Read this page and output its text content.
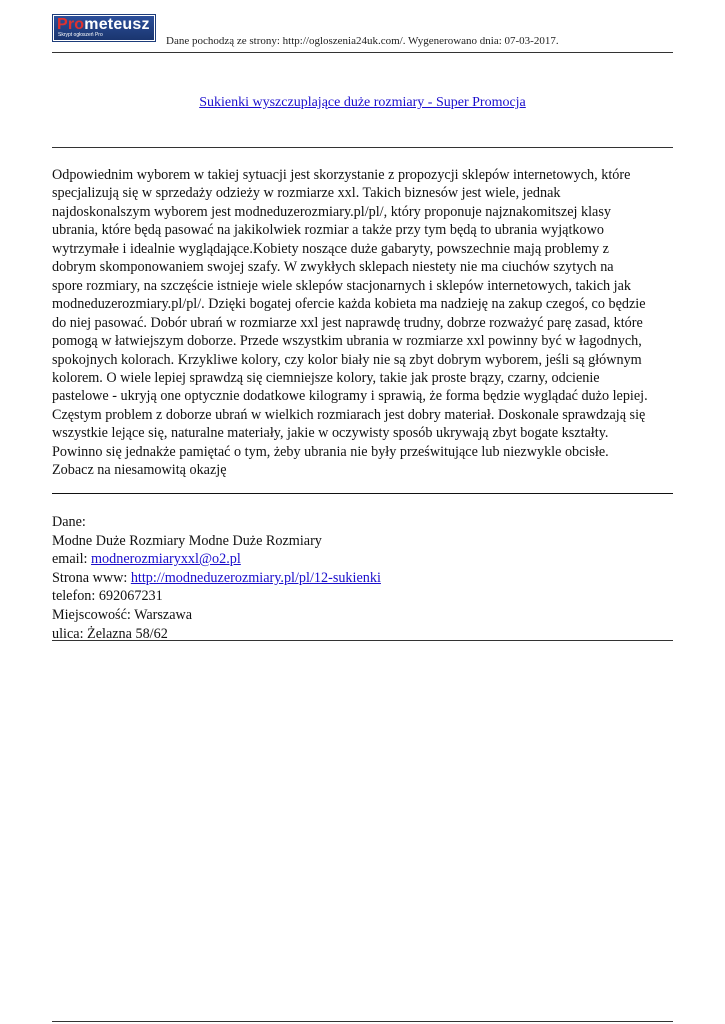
Prometeusz
Skrypt ogłoszeń Pro	Dane pochodzą ze strony: http://ogloszenia24uk.com/. Wygenerowano dnia: 07-03-2017.
Sukienki wyszczuplające duże rozmiary - Super Promocja
Odpowiednim wyborem w takiej sytuacji jest skorzystanie z propozycji sklepów internetowych, które
specjalizują się w sprzedaży odzieży w rozmiarze xxl. Takich biznesów jest wiele, jednak
najdoskonalszym wyborem jest modneduzerozmiary.pl/pl/, który proponuje najznakomitszej klasy
ubrania, które będą pasować na jakikolwiek rozmiar a także przy tym będą to ubrania wyjątkowo
wytrzymałe i idealnie wyglądające.Kobiety noszące duże gabaryty, powszechnie mają problemy z
dobrym skomponowaniem swojej szafy. W zwykłych sklepach niestety nie ma ciuchów szytych na
spore rozmiary, na szczęście istnieje wiele sklepów stacjonarnych i sklepów internetowych, takich jak
modneduzerozmiary.pl/pl/. Dzięki bogatej ofercie każda kobieta ma nadzieję na zakup czegoś, co będzie
do niej pasować. Dobór ubrań w rozmiarze xxl jest naprawdę trudny, dobrze rozważyć parę zasad, które
pomogą w łatwiejszym doborze. Przede wszystkim ubrania w rozmiarze xxl powinny być w łagodnych,
spokojnych kolorach. Krzykliwe kolory, czy kolor biały nie są zbyt dobrym wyborem, jeśli są głównym
kolorem. O wiele lepiej sprawdzą się ciemniejsze kolory, takie jak proste brązy, czarny, odcienie
pastelowe - ukryją one optycznie dodatkowe kilogramy i sprawią, że forma będzie wyglądać dużo lepiej.
Częstym problem z doborze ubrań w wielkich rozmiarach jest dobry materiał. Doskonale sprawdzają się
wszystkie lejące się, naturalne materiały, jakie w oczywisty sposób ukrywają zbyt bogate kształty.
Powinno się jednakże pamiętać o tym, żeby ubrania nie były prześwitujące lub niezwykle obcisłe.
Zobacz na niesamowitą okazję
Dane:
Modne Duże Rozmiary Modne Duże Rozmiary
email: modnerozmiaryxxl@o2.pl
Strona www: http://modneduzerozmiary.pl/pl/12-sukienki
telefon: 692067231
Miejscowość: Warszawa
ulica: Żelazna 58/62
